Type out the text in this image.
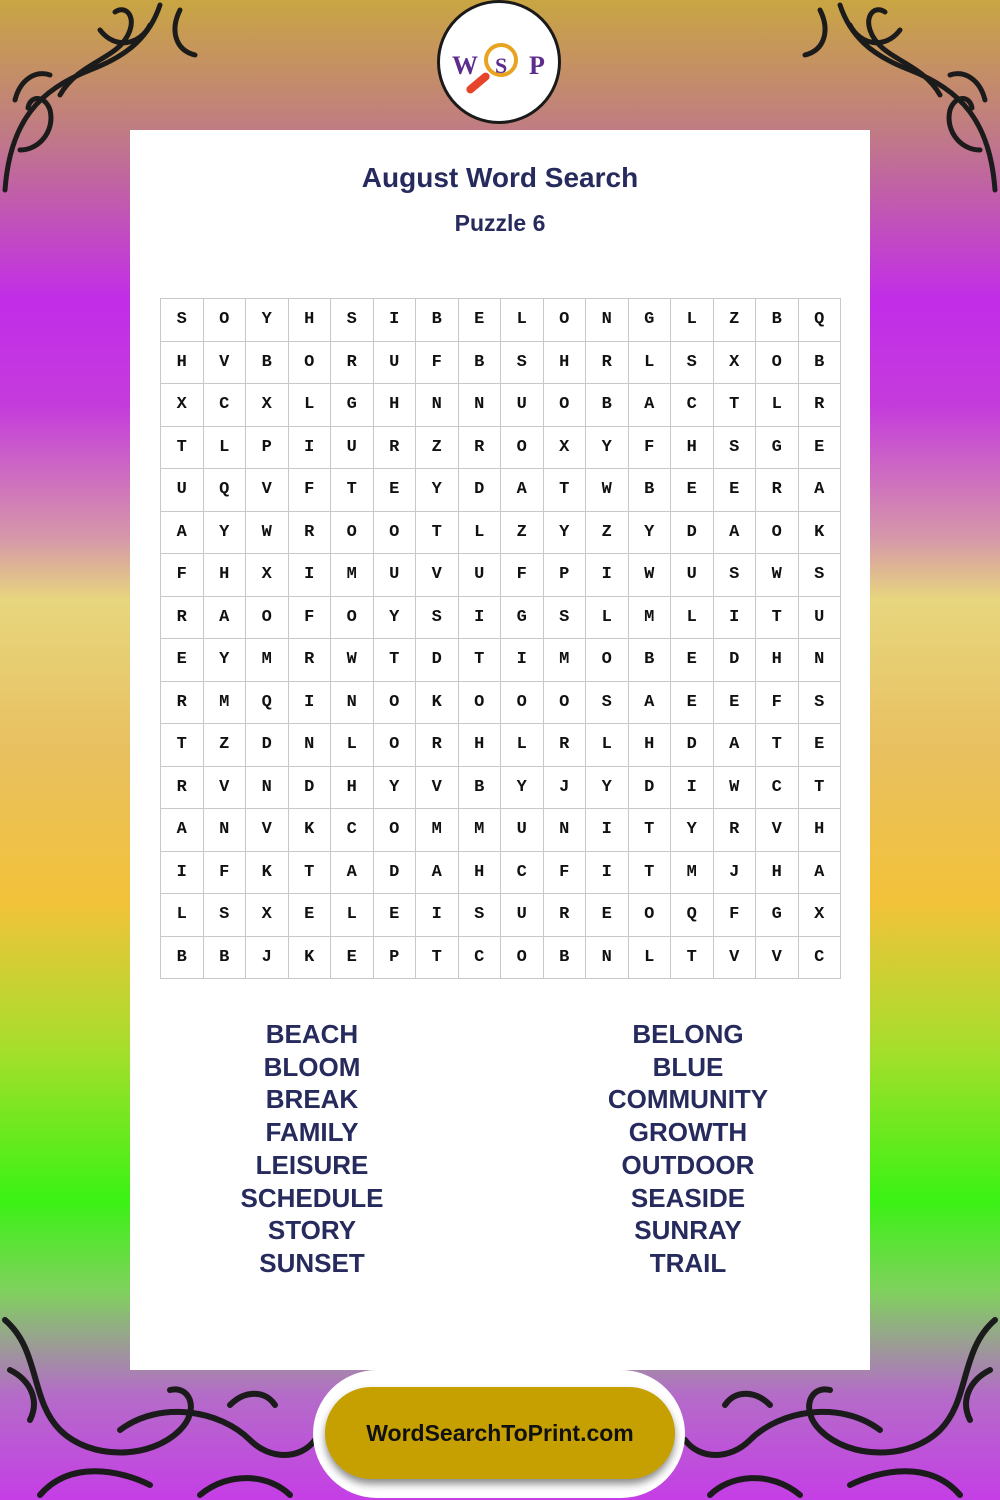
W S P
August Word Search
Puzzle 6
S	O	Y	H	S	I	B	E	L	O	N	G	L	Z	B	Q
H	V	B	O	R	U	F	B	S	H	R	L	S	X	O	B
X	C	X	L	G	H	N	N	U	O	B	A	C	T	L	R
T	L	P	I	U	R	Z	R	O	X	Y	F	H	S	G	E
U	Q	V	F	T	E	Y	D	A	T	W	B	E	E	R	A
A	Y	W	R	O	O	T	L	Z	Y	Z	Y	D	A	O	K
F	H	X	I	M	U	V	U	F	P	I	W	U	S	W	S
R	A	O	F	O	Y	S	I	G	S	L	M	L	I	T	U
E	Y	M	R	W	T	D	T	I	M	O	B	E	D	H	N
R	M	Q	I	N	O	K	O	O	O	S	A	E	E	F	S
T	Z	D	N	L	O	R	H	L	R	L	H	D	A	T	E
R	V	N	D	H	Y	V	B	Y	J	Y	D	I	W	C	T
A	N	V	K	C	O	M	M	U	N	I	T	Y	R	V	H
I	F	K	T	A	D	A	H	C	F	I	T	M	J	H	A
L	S	X	E	L	E	I	S	U	R	E	O	Q	F	G	X
B	B	J	K	E	P	T	C	O	B	N	L	T	V	V	C
BEACH
BLOOM
BREAK
FAMILY
LEISURE
SCHEDULE
STORY
SUNSET
BELONG
BLUE
COMMUNITY
GROWTH
OUTDOOR
SEASIDE
SUNRAY
TRAIL
WordSearchToPrint.com
